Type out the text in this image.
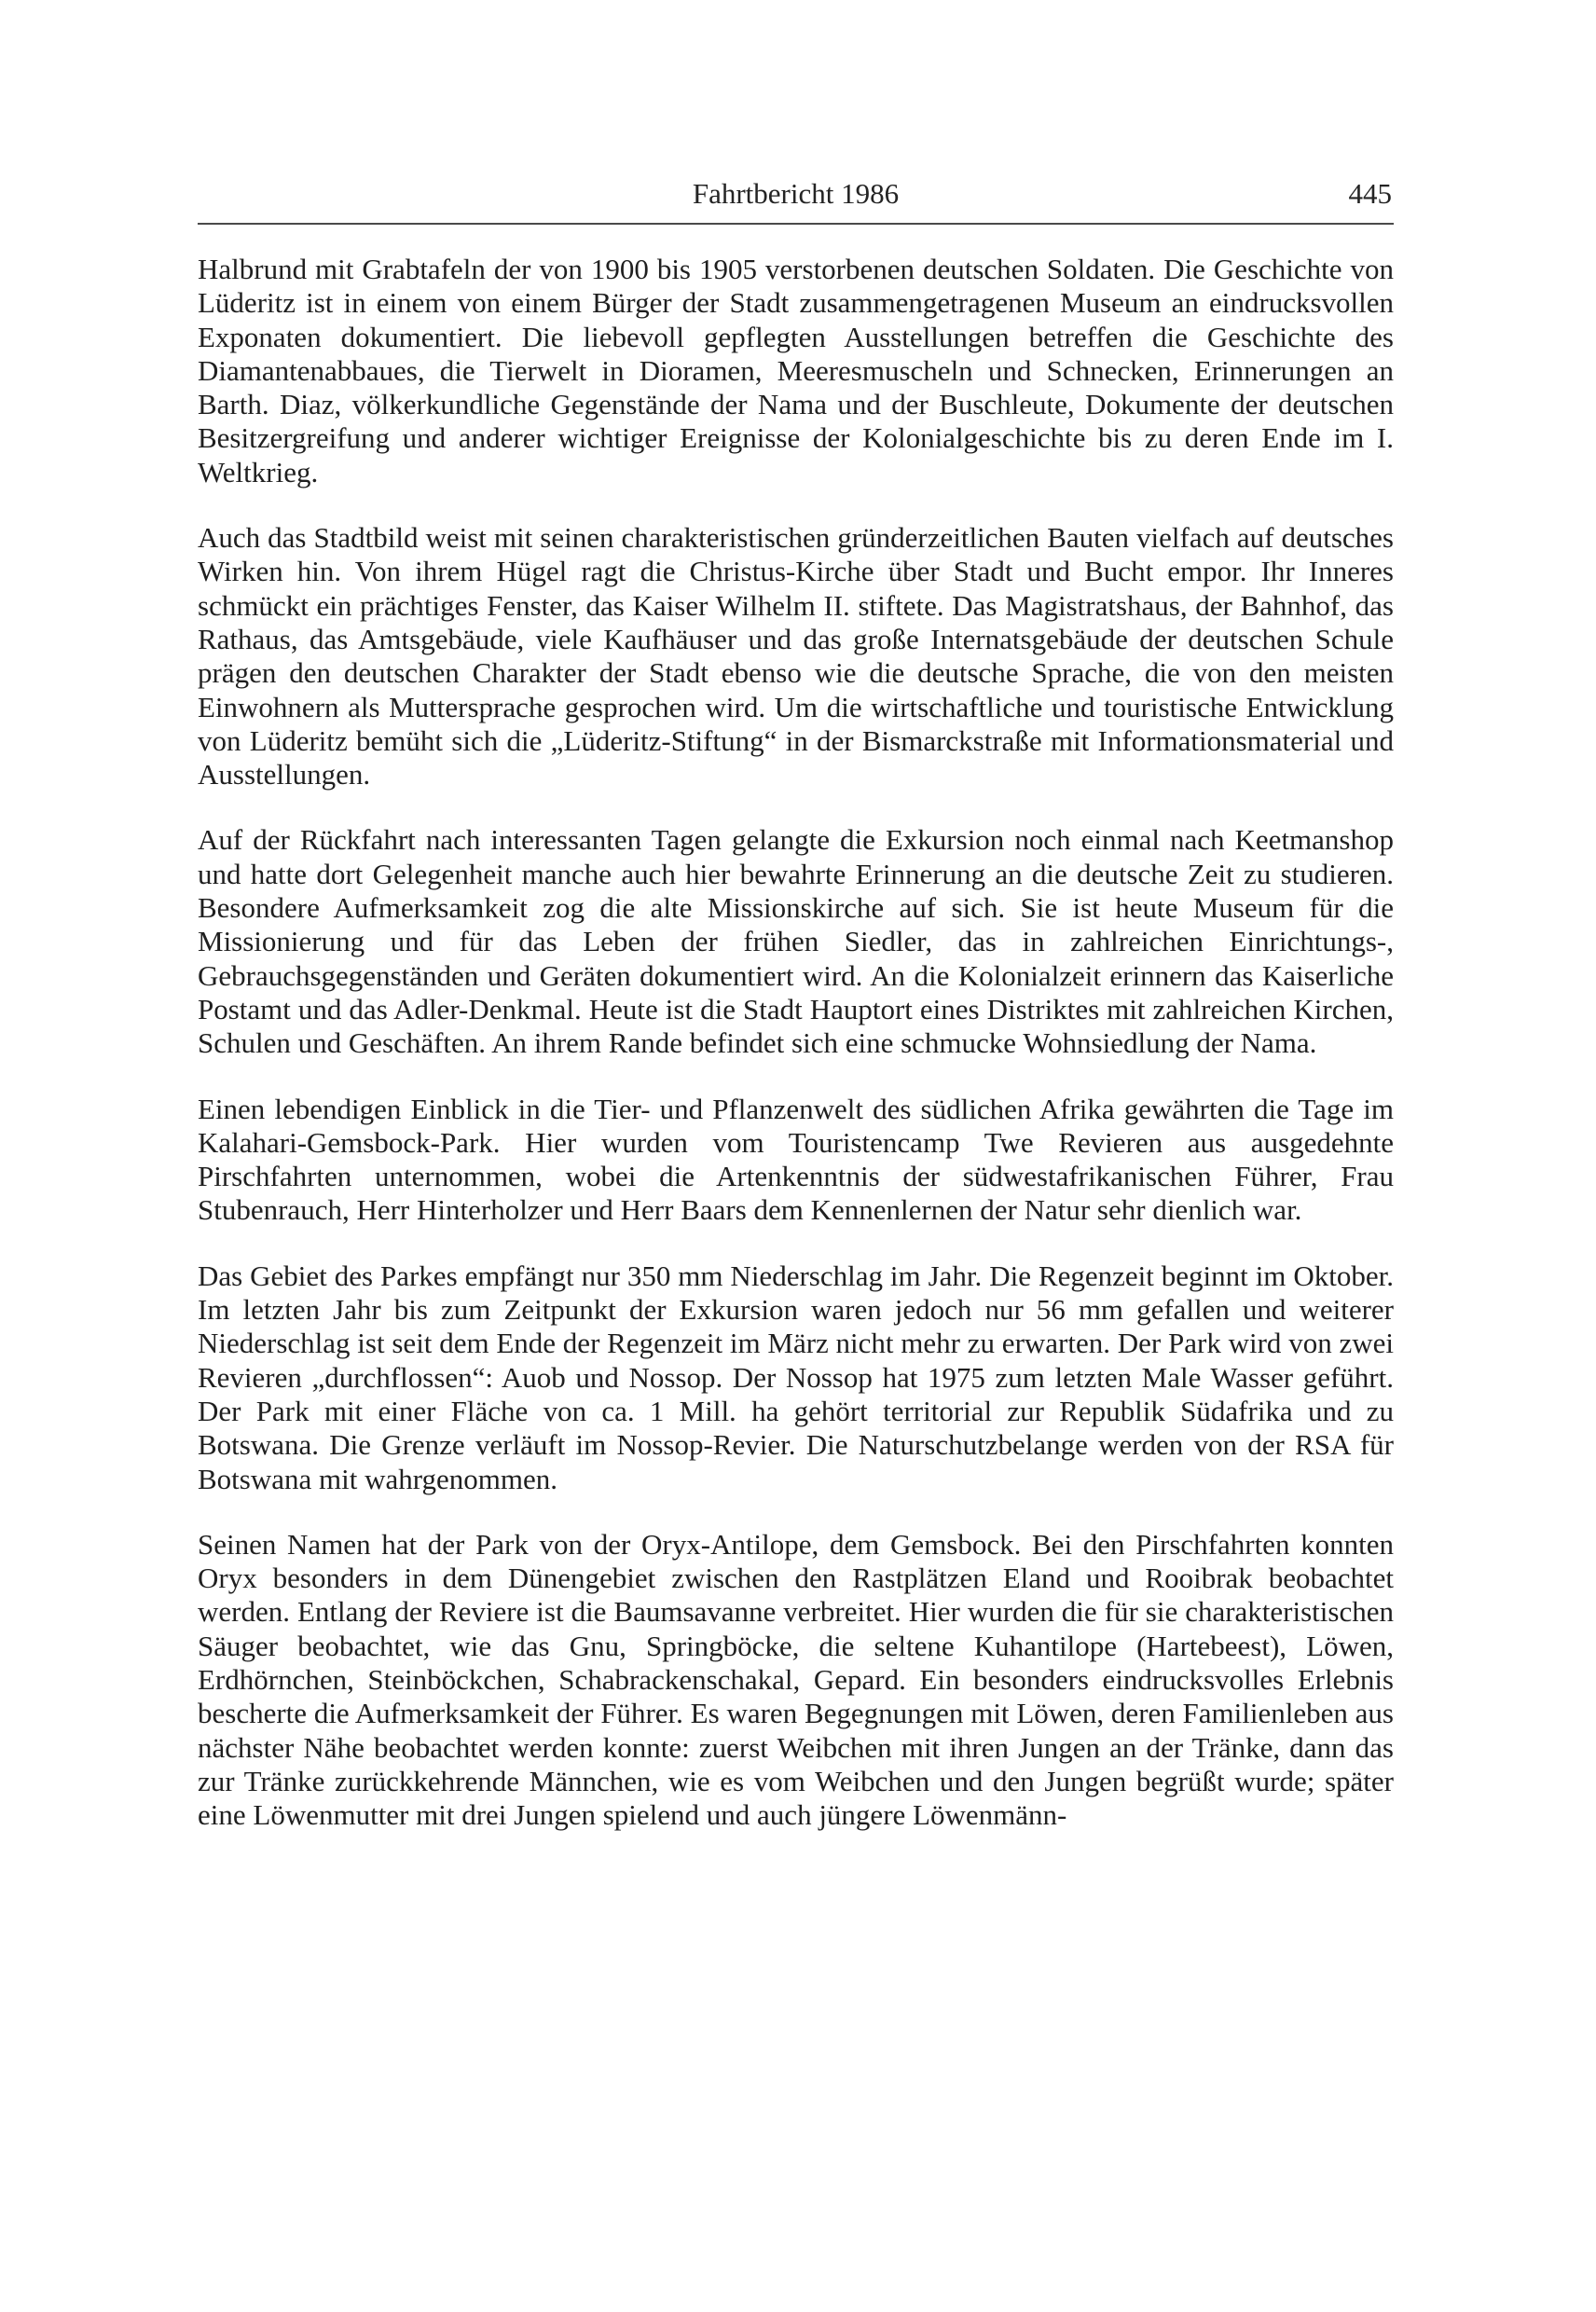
Fahrtbericht 1986	445

Halbrund mit Grabtafeln der von 1900 bis 1905 verstorbenen deutschen Soldaten. Die Geschichte von Lüderitz ist in einem von einem Bürger der Stadt zusammengetragenen Museum an eindrucksvollen Exponaten dokumentiert. Die liebevoll gepflegten Ausstellungen betreffen die Geschichte des Diamantenabbaues, die Tierwelt in Dioramen, Meeresmuscheln und Schnecken, Erinnerungen an Barth. Diaz, völkerkundliche Gegenstände der Nama und der Buschleute, Dokumente der deutschen Besitzergreifung und anderer wichtiger Ereignisse der Kolonialgeschichte bis zu deren Ende im I. Weltkrieg.

Auch das Stadtbild weist mit seinen charakteristischen gründerzeitlichen Bauten vielfach auf deutsches Wirken hin. Von ihrem Hügel ragt die Christus-Kirche über Stadt und Bucht empor. Ihr Inneres schmückt ein prächtiges Fenster, das Kaiser Wilhelm II. stiftete. Das Magistratshaus, der Bahnhof, das Rathaus, das Amtsgebäude, viele Kaufhäuser und das große Internatsgebäude der deutschen Schule prägen den deutschen Charakter der Stadt ebenso wie die deutsche Sprache, die von den meisten Einwohnern als Muttersprache gesprochen wird. Um die wirtschaftliche und touristische Entwicklung von Lüderitz bemüht sich die „Lüderitz-Stiftung“ in der Bismarckstraße mit Informationsmaterial und Ausstellungen.

Auf der Rückfahrt nach interessanten Tagen gelangte die Exkursion noch einmal nach Keetmanshop und hatte dort Gelegenheit manche auch hier bewahrte Erinnerung an die deutsche Zeit zu studieren. Besondere Aufmerksamkeit zog die alte Missionskirche auf sich. Sie ist heute Museum für die Missionierung und für das Leben der frühen Siedler, das in zahlreichen Einrichtungs-, Gebrauchsgegenständen und Geräten dokumentiert wird. An die Kolonialzeit erinnern das Kaiserliche Postamt und das Adler-Denkmal. Heute ist die Stadt Hauptort eines Distriktes mit zahlreichen Kirchen, Schulen und Geschäften. An ihrem Rande befindet sich eine schmucke Wohnsiedlung der Nama.

Einen lebendigen Einblick in die Tier- und Pflanzenwelt des südlichen Afrika gewährten die Tage im Kalahari-Gemsbock-Park. Hier wurden vom Touristencamp Twe Revieren aus ausgedehnte Pirschfahrten unternommen, wobei die Artenkenntnis der südwestafrikanischen Führer, Frau Stubenrauch, Herr Hinterholzer und Herr Baars dem Kennenlernen der Natur sehr dienlich war.

Das Gebiet des Parkes empfängt nur 350 mm Niederschlag im Jahr. Die Regenzeit beginnt im Oktober. Im letzten Jahr bis zum Zeitpunkt der Exkursion waren jedoch nur 56 mm gefallen und weiterer Niederschlag ist seit dem Ende der Regenzeit im März nicht mehr zu erwarten. Der Park wird von zwei Revieren „durchflossen“: Auob und Nossop. Der Nossop hat 1975 zum letzten Male Wasser geführt. Der Park mit einer Fläche von ca. 1 Mill. ha gehört territorial zur Republik Südafrika und zu Botswana. Die Grenze verläuft im Nossop-Revier. Die Naturschutzbelange werden von der RSA für Botswana mit wahrgenommen.

Seinen Namen hat der Park von der Oryx-Antilope, dem Gemsbock. Bei den Pirschfahrten konnten Oryx besonders in dem Dünengebiet zwischen den Rastplätzen Eland und Rooibrak beobachtet werden. Entlang der Reviere ist die Baumsavanne verbreitet. Hier wurden die für sie charakteristischen Säuger beobachtet, wie das Gnu, Springböcke, die seltene Kuhantilope (Hartebeest), Löwen, Erdhörnchen, Steinböckchen, Schabrackenschakal, Gepard. Ein besonders eindrucksvolles Erlebnis bescherte die Aufmerksamkeit der Führer. Es waren Begegnungen mit Löwen, deren Familienleben aus nächster Nähe beobachtet werden konnte: zuerst Weibchen mit ihren Jungen an der Tränke, dann das zur Tränke zurückkehrende Männchen, wie es vom Weibchen und den Jungen begrüßt wurde; später eine Löwenmutter mit drei Jungen spielend und auch jüngere Löwenmänn-
